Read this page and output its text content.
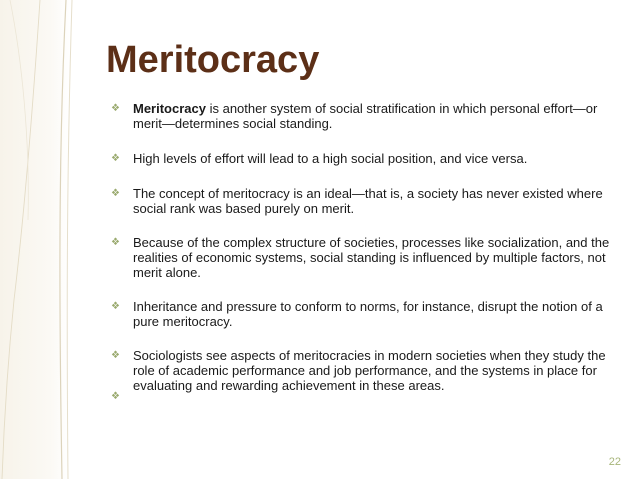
Meritocracy
❖ Meritocracy is another system of social stratification in which personal effort—or merit—determines social standing.
❖ High levels of effort will lead to a high social position, and vice versa.
❖ The concept of meritocracy is an ideal—that is, a society has never existed where social rank was based purely on merit.
❖ Because of the complex structure of societies, processes like socialization, and the realities of economic systems, social standing is influenced by multiple factors, not merit alone.
❖ Inheritance and pressure to conform to norms, for instance, disrupt the notion of a pure meritocracy.
❖ Sociologists see aspects of meritocracies in modern societies when they study the role of academic performance and job performance, and the systems in place for evaluating and rewarding achievement in these areas.
❖
22
